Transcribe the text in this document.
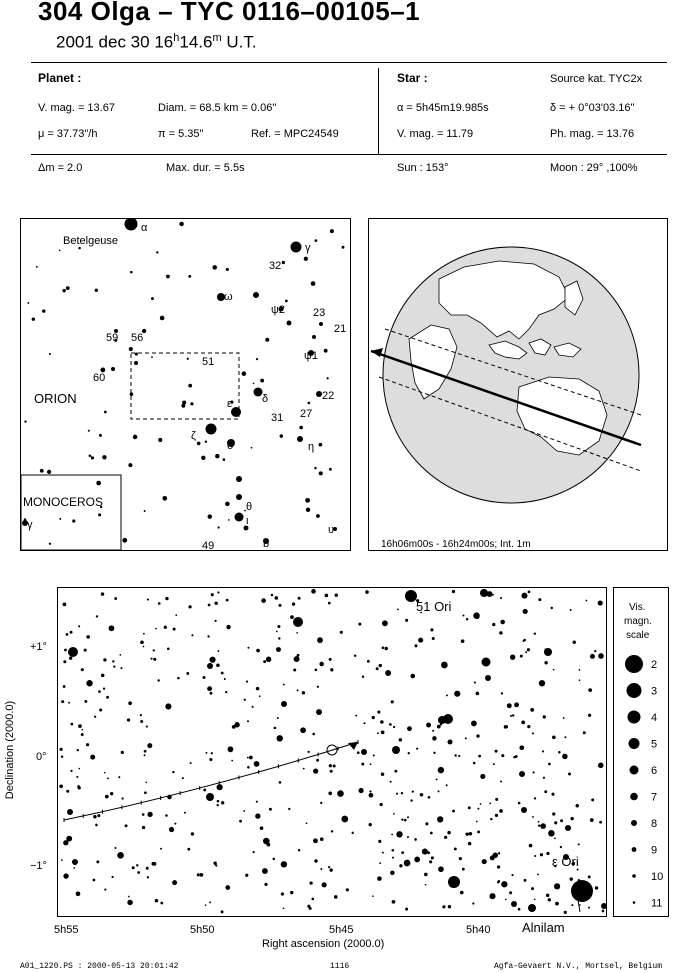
304 Olga – TYC 0116–00105–1
2001 dec 30 16$^h$14.6$^m$ U.T.
Planet :
V. mag. = 13.67	Diam. = 68.5 km = 0.06"
μ = 37.73"/h	π = 5.35"	Ref. = MPC24549
Δm = 2.0	Max. dur. = 5.5s
Star :	Source kat. TYC2x
α = 5h45m19.985s	δ = + 0°03'03.16"
V. mag. = 11.79	Ph. mag. = 13.76
Sun : 153°	Moon : 29° ,100%
Betelgeuse
ORION
MONOCEROS
α
γ
32
ω
ψ2	23
21
ψ1
59 56
51
60
ε	δ	22
31 27
ζ
σ	η
θ
ι
49	b
υ
γ
16h06m00s - 16h24m00s; Int. 1m
51 Ori
ε Ori
Alnilam
Declination (2000.0)
+1°
0°
−1°
5h55	5h50	5h45	5h40
Right ascension (2000.0)
Vis.
magn.
scale
2
3
4
5
6
7
8
9
10
11
A01_1220.PS : 2000-05-13 20:01:42	1116	Agfa-Gevaert N.V., Mortsel, Belgium
